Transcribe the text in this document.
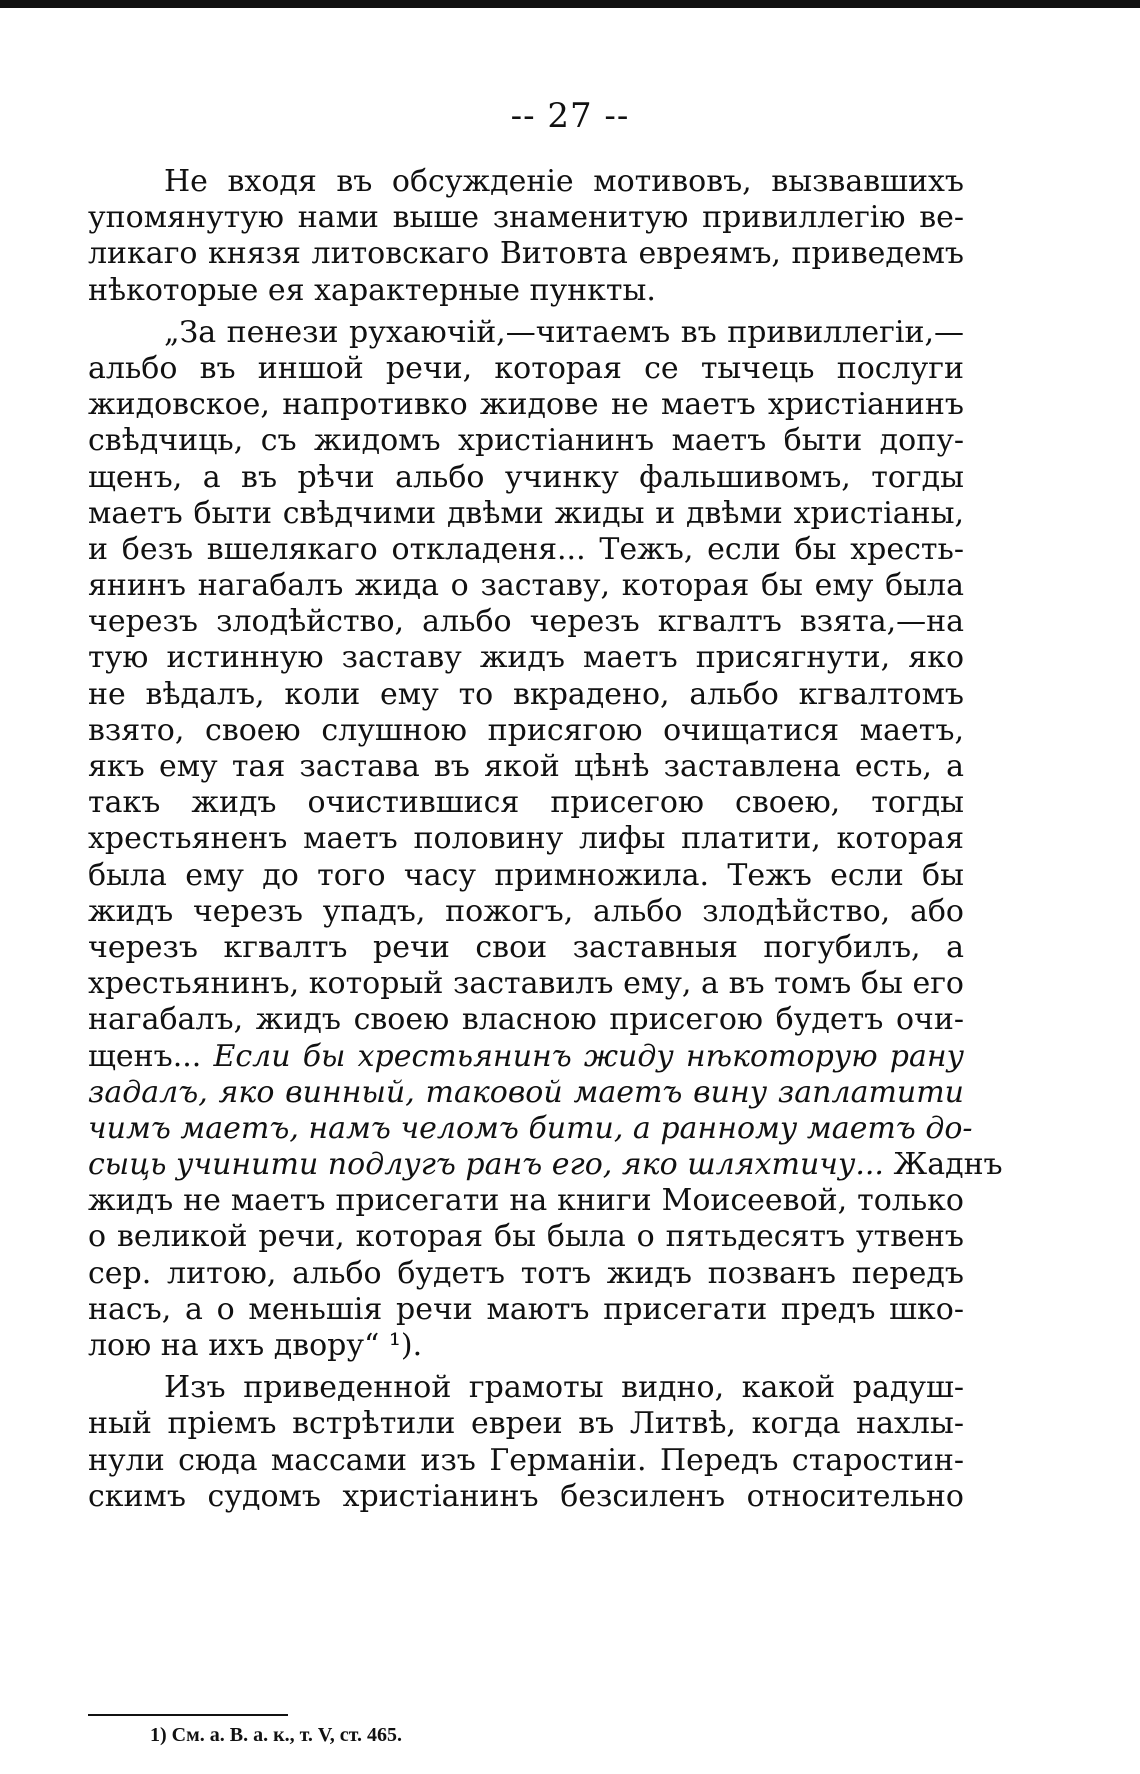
-- 27 --
Не входя въ обсужденіе мотивовъ, вызвавшихъ
упомянутую нами выше знаменитую привиллегію ве-
ликаго князя литовскаго Витовта евреямъ, приведемъ
нѣкоторые ея характерные пункты.
„За пенези рухаючій,—читаемъ въ привиллегіи,—
альбо въ иншой речи, которая се тычець послуги
жидовское, напротивко жидове не маетъ христіанинъ
свѣдчиць, съ жидомъ христіанинъ маетъ быти допу-
щенъ, а въ рѣчи альбо учинку фальшивомъ, тогды
маетъ быти свѣдчими двѣми жиды и двѣми христіаны,
и безъ вшелякаго откладеня... Тежъ, если бы хресть-
янинъ нагабалъ жида о заставу, которая бы ему была
черезъ злодѣйство, альбо черезъ кгвалтъ взята,—на
тую истинную заставу жидъ маетъ присягнути, яко
не вѣдалъ, коли ему то вкрадено, альбо кгвалтомъ
взято, своею слушною присягою очищатися маетъ,
якъ ему тая застава въ якой цѣнѣ заставлена есть, а
такъ жидъ очистившися присегою своею, тогды
хрестьяненъ маетъ половину лифы платити, которая
была ему до того часу примножила. Тежъ если бы
жидъ черезъ упадъ, пожогъ, альбо злодѣйство, або
черезъ кгвалтъ речи свои заставныя погубилъ, а
хрестьянинъ, который заставилъ ему, а въ томъ бы его
нагабалъ, жидъ своею власною присегою будетъ очи-
щенъ... Если бы хрестьянинъ жиду нѣкоторую рану
задалъ, яко винный, таковой маетъ вину заплатити
чимъ маетъ, намъ челомъ бити, а ранному маетъ до-
сыць учинити подлугъ ранъ его, яко шляхтичу... Жаднъ
жидъ не маетъ присегати на книги Моисеевой, только
о великой речи, которая бы была о пятьдесятъ утвенъ
сер. литою, альбо будетъ тотъ жидъ позванъ передъ
насъ, а о меньшія речи маютъ присегати предъ шко-
лою на ихъ двору“ ¹).
Изъ приведенной грамоты видно, какой радуш-
ный пріемъ встрѣтили евреи въ Литвѣ, когда нахлы-
нули сюда массами изъ Германіи. Передъ старостин-
скимъ судомъ христіанинъ безсиленъ относительно
1) См. а. В. а. к., т. V, ст. 465.
